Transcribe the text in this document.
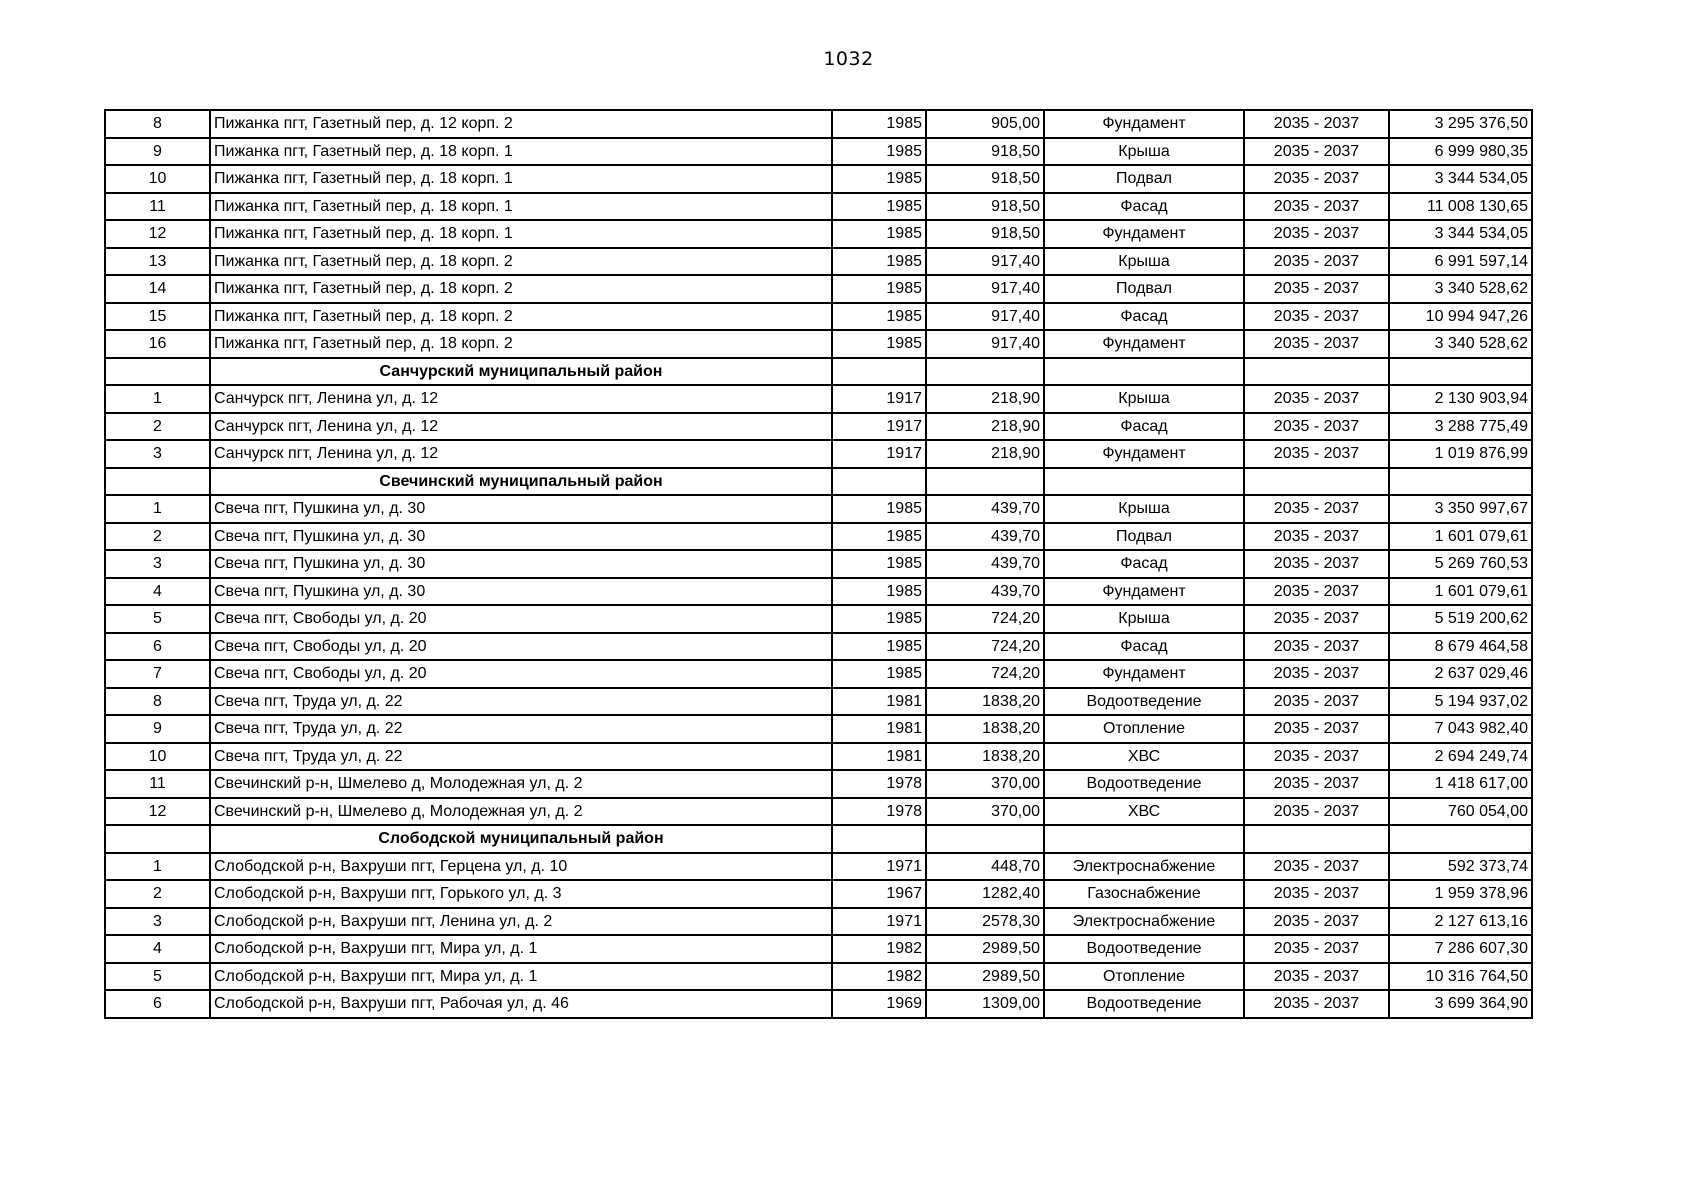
1032
8	Пижанка пгт, Газетный пер, д. 12 корп. 2	1985	905,00	Фундамент	2035 - 2037	3 295 376,50
9	Пижанка пгт, Газетный пер, д. 18 корп. 1	1985	918,50	Крыша	2035 - 2037	6 999 980,35
10	Пижанка пгт, Газетный пер, д. 18 корп. 1	1985	918,50	Подвал	2035 - 2037	3 344 534,05
11	Пижанка пгт, Газетный пер, д. 18 корп. 1	1985	918,50	Фасад	2035 - 2037	11 008 130,65
12	Пижанка пгт, Газетный пер, д. 18 корп. 1	1985	918,50	Фундамент	2035 - 2037	3 344 534,05
13	Пижанка пгт, Газетный пер, д. 18 корп. 2	1985	917,40	Крыша	2035 - 2037	6 991 597,14
14	Пижанка пгт, Газетный пер, д. 18 корп. 2	1985	917,40	Подвал	2035 - 2037	3 340 528,62
15	Пижанка пгт, Газетный пер, д. 18 корп. 2	1985	917,40	Фасад	2035 - 2037	10 994 947,26
16	Пижанка пгт, Газетный пер, д. 18 корп. 2	1985	917,40	Фундамент	2035 - 2037	3 340 528,62
	Санчурский муниципальный район					
1	Санчурск пгт, Ленина ул, д. 12	1917	218,90	Крыша	2035 - 2037	2 130 903,94
2	Санчурск пгт, Ленина ул, д. 12	1917	218,90	Фасад	2035 - 2037	3 288 775,49
3	Санчурск пгт, Ленина ул, д. 12	1917	218,90	Фундамент	2035 - 2037	1 019 876,99
	Свечинский муниципальный район					
1	Свеча пгт, Пушкина ул, д. 30	1985	439,70	Крыша	2035 - 2037	3 350 997,67
2	Свеча пгт, Пушкина ул, д. 30	1985	439,70	Подвал	2035 - 2037	1 601 079,61
3	Свеча пгт, Пушкина ул, д. 30	1985	439,70	Фасад	2035 - 2037	5 269 760,53
4	Свеча пгт, Пушкина ул, д. 30	1985	439,70	Фундамент	2035 - 2037	1 601 079,61
5	Свеча пгт, Свободы ул, д. 20	1985	724,20	Крыша	2035 - 2037	5 519 200,62
6	Свеча пгт, Свободы ул, д. 20	1985	724,20	Фасад	2035 - 2037	8 679 464,58
7	Свеча пгт, Свободы ул, д. 20	1985	724,20	Фундамент	2035 - 2037	2 637 029,46
8	Свеча пгт, Труда ул, д. 22	1981	1838,20	Водоотведение	2035 - 2037	5 194 937,02
9	Свеча пгт, Труда ул, д. 22	1981	1838,20	Отопление	2035 - 2037	7 043 982,40
10	Свеча пгт, Труда ул, д. 22	1981	1838,20	ХВС	2035 - 2037	2 694 249,74
11	Свечинский р-н, Шмелево д, Молодежная ул, д. 2	1978	370,00	Водоотведение	2035 - 2037	1 418 617,00
12	Свечинский р-н, Шмелево д, Молодежная ул, д. 2	1978	370,00	ХВС	2035 - 2037	760 054,00
	Слободской муниципальный район					
1	Слободской р-н, Вахруши пгт, Герцена ул, д. 10	1971	448,70	Электроснабжение	2035 - 2037	592 373,74
2	Слободской р-н, Вахруши пгт, Горького ул, д. 3	1967	1282,40	Газоснабжение	2035 - 2037	1 959 378,96
3	Слободской р-н, Вахруши пгт, Ленина ул, д. 2	1971	2578,30	Электроснабжение	2035 - 2037	2 127 613,16
4	Слободской р-н, Вахруши пгт, Мира ул, д. 1	1982	2989,50	Водоотведение	2035 - 2037	7 286 607,30
5	Слободской р-н, Вахруши пгт, Мира ул, д. 1	1982	2989,50	Отопление	2035 - 2037	10 316 764,50
6	Слободской р-н, Вахруши пгт, Рабочая ул, д. 46	1969	1309,00	Водоотведение	2035 - 2037	3 699 364,90
